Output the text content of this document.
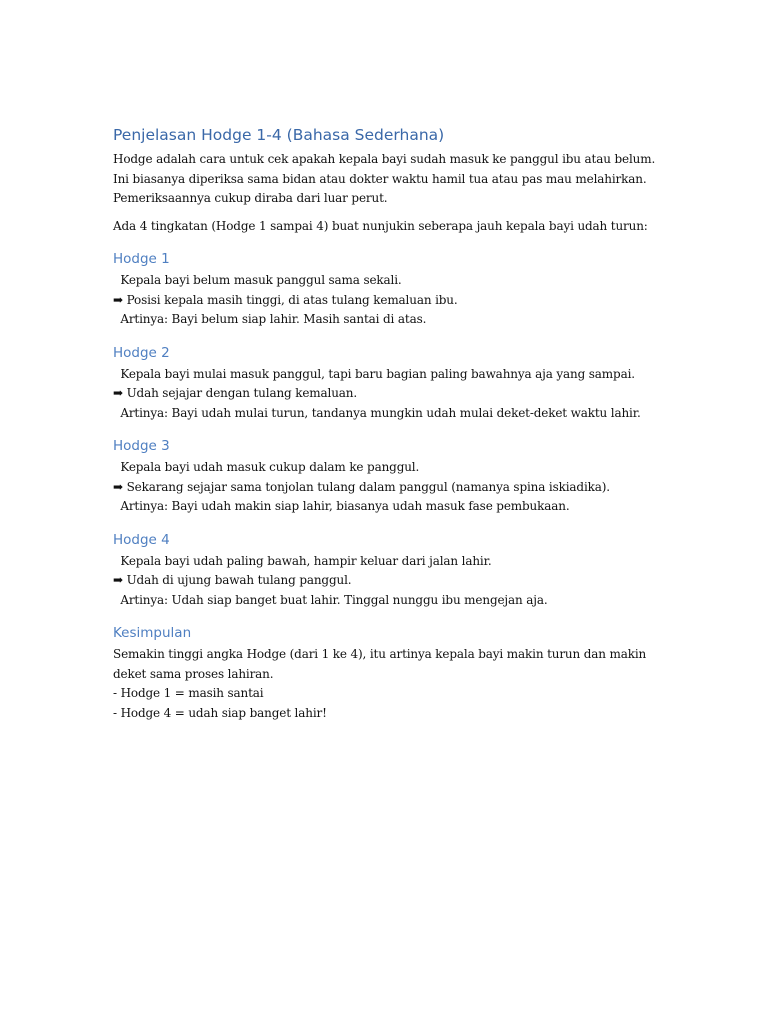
Penjelasan Hodge 1-4 (Bahasa Sederhana)

Hodge adalah cara untuk cek apakah kepala bayi sudah masuk ke panggul ibu atau belum.

Ini biasanya diperiksa sama bidan atau dokter waktu hamil tua atau pas mau melahirkan.

Pemeriksaannya cukup diraba dari luar perut.

Ada 4 tingkatan (Hodge 1 sampai 4) buat nunjukin seberapa jauh kepala bayi udah turun:

Hodge 1

Kepala bayi belum masuk panggul sama sekali.

➡ Posisi kepala masih tinggi, di atas tulang kemaluan ibu.

Artinya: Bayi belum siap lahir. Masih santai di atas.

Hodge 2

Kepala bayi mulai masuk panggul, tapi baru bagian paling bawahnya aja yang sampai.

➡ Udah sejajar dengan tulang kemaluan.

Artinya: Bayi udah mulai turun, tandanya mungkin udah mulai deket-deket waktu lahir.

Hodge 3

Kepala bayi udah masuk cukup dalam ke panggul.

➡ Sekarang sejajar sama tonjolan tulang dalam panggul (namanya spina iskiadika).

Artinya: Bayi udah makin siap lahir, biasanya udah masuk fase pembukaan.

Hodge 4

Kepala bayi udah paling bawah, hampir keluar dari jalan lahir.

➡ Udah di ujung bawah tulang panggul.

Artinya: Udah siap banget buat lahir. Tinggal nunggu ibu mengejan aja.

Kesimpulan

Semakin tinggi angka Hodge (dari 1 ke 4), itu artinya kepala bayi makin turun dan makin

deket sama proses lahiran.

- Hodge 1 = masih santai

- Hodge 4 = udah siap banget lahir!
